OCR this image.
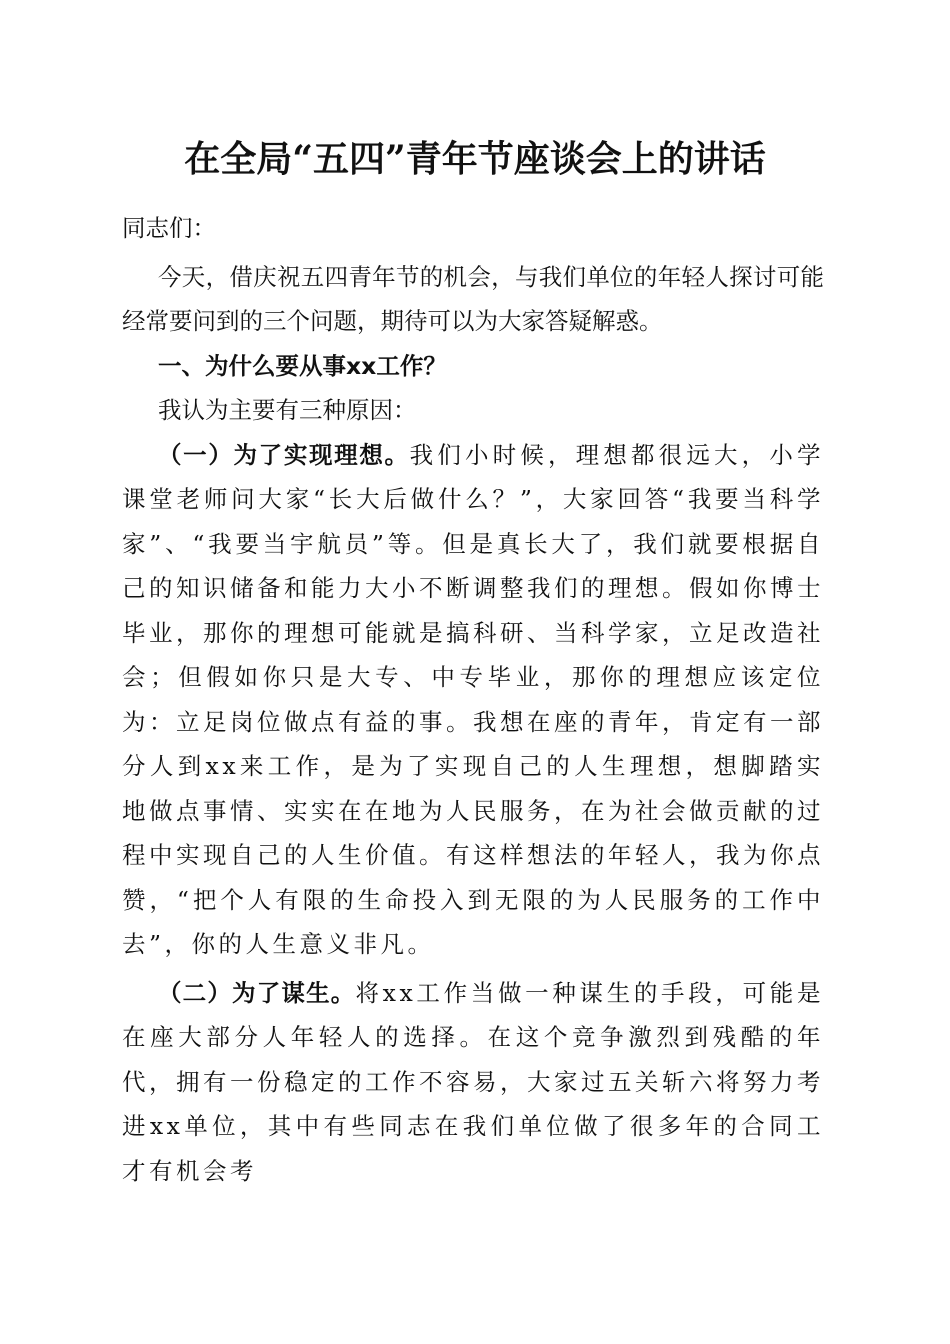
在全局“五四”青年节座谈会上的讲话

同志们：

今天，借庆祝五四青年节的机会，与我们单位的年轻人探讨可能经常要问到的三个问题，期待可以为大家答疑解惑。

一、为什么要从事xx工作？

我认为主要有三种原因：

（一）为了实现理想。我们小时候，理想都很远大，小学课堂老师问大家“长大后做什么？”，大家回答“我要当科学家”、“我要当宇航员”等。但是真长大了，我们就要根据自己的知识储备和能力大小不断调整我们的理想。假如你博士毕业，那你的理想可能就是搞科研、当科学家，立足改造社会；但假如你只是大专、中专毕业，那你的理想应该定位为：立足岗位做点有益的事。我想在座的青年，肯定有一部分人到xx来工作，是为了实现自己的人生理想，想脚踏实地做点事情、实实在在地为人民服务，在为社会做贡献的过程中实现自己的人生价值。有这样想法的年轻人，我为你点赞，“把个人有限的生命投入到无限的为人民服务的工作中去”，你的人生意义非凡。

（二）为了谋生。将xx工作当做一种谋生的手段，可能是在座大部分人年轻人的选择。在这个竞争激烈到残酷的年代，拥有一份稳定的工作不容易，大家过五关斩六将努力考进xx单位，其中有些同志在我们单位做了很多年的合同工才有机会考
